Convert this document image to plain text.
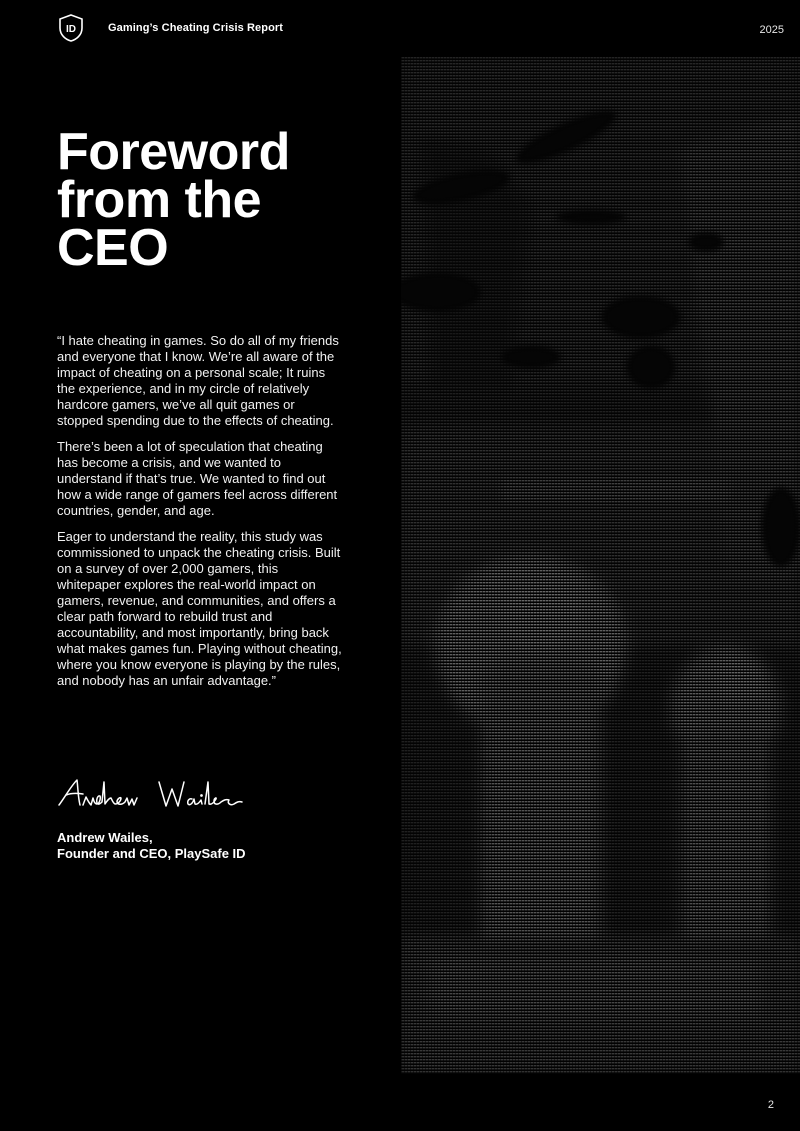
ID	Gaming’s Cheating Crisis Report	2025
Foreword
from the
CEO

“I hate cheating in games. So do all of my friends and everyone that I know. We’re all aware of the impact of cheating on a personal scale; It ruins the experience, and in my circle of relatively hardcore gamers, we’ve all quit games or stopped spending due to the effects of cheating.

There’s been a lot of speculation that cheating has become a crisis, and we wanted to understand if that’s true. We wanted to find out how a wide range of gamers feel across different countries, gender, and age.

Eager to understand the reality, this study was commissioned to unpack the cheating crisis. Built on a survey of over 2,000 gamers, this whitepaper explores the real-world impact on gamers, revenue, and communities, and offers a clear path forward to rebuild trust and accountability, and most importantly, bring back what makes games fun. Playing without cheating, where you know everyone is playing by the rules, and nobody has an unfair advantage.”

Andrew Wailes,
Founder and CEO, PlaySafe ID
2
